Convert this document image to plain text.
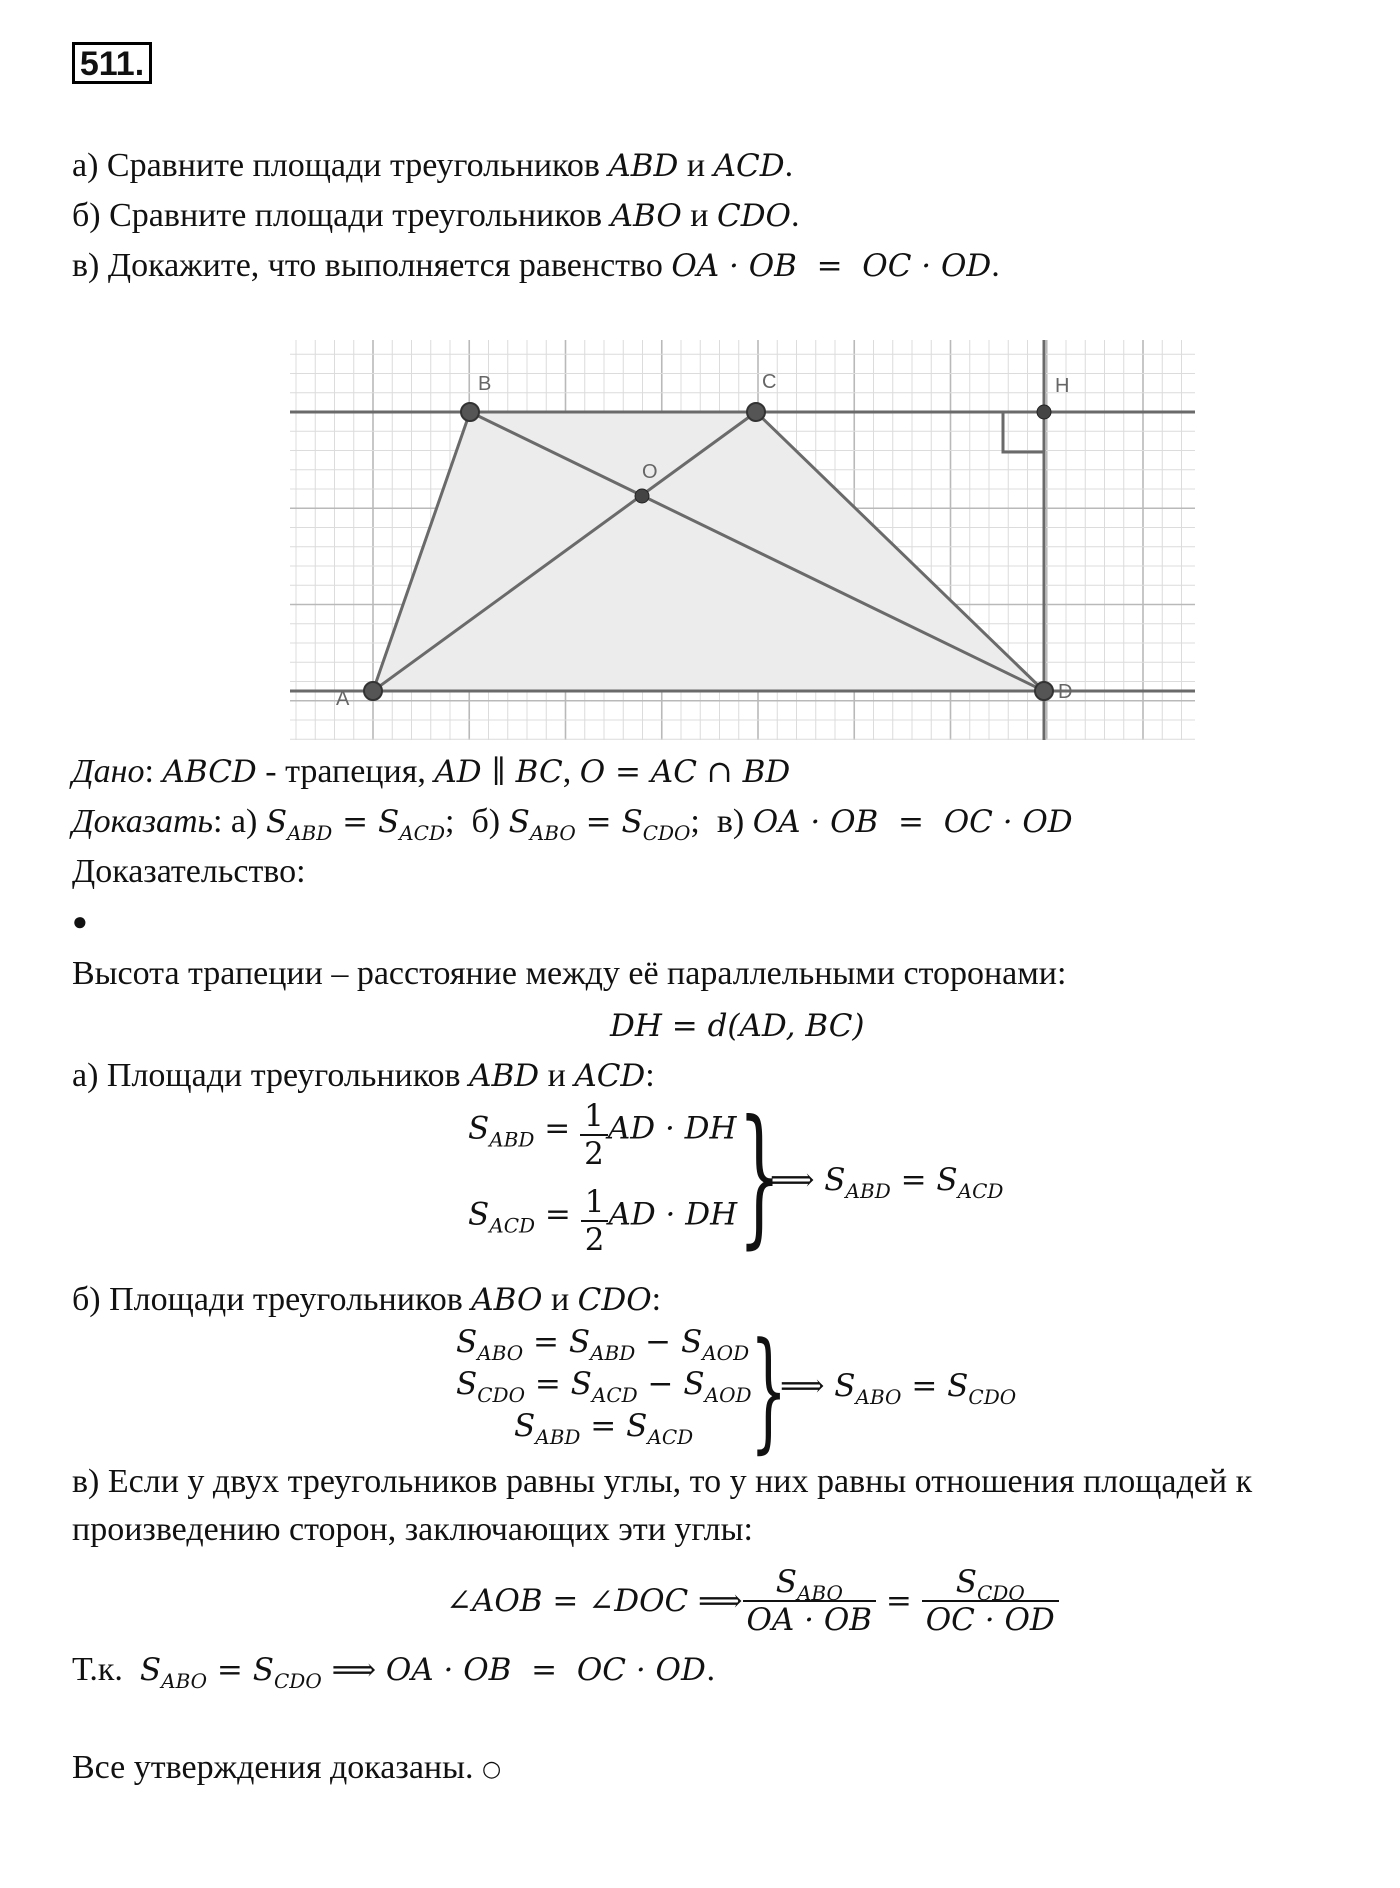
511.
а) Сравните площади треугольников ABD и ACD.
б) Сравните площади треугольников ABO и CDO.
в) Докажите, что выполняется равенство OA · OB  =  OC · OD.
A
B	C	H
O
D
Дано: ABCD - трапеция, AD ∥ BC, O = AC ∩ BD
Доказать: а) $S_{ABD} = S_{ACD}$;  б) $S_{ABO} = S_{CDO}$;  в) OA · OB  =  OC · OD
Доказательство:
●
Высота трапеции – расстояние между её параллельными сторонами:
DH = d(AD, BC)
а) Площади треугольников ABD и ACD:
$S_{ABD} = \frac{1}{2}$ AD · DH
$S_{ACD} = \frac{1}{2}$ AD · DH }
⟹ $S_{ABD} = S_{ACD}$
б) Площади треугольников ABO и CDO:
$S_{ABO} = S_{ABD} - S_{AOD}$
$S_{CDO} = S_{ACD} - S_{AOD}$
$S_{ABD} = S_{ACD}$ }
⟹ $S_{ABO} = S_{CDO}$
в) Если у двух треугольников равны углы, то у них равны отношения площадей к
произведению сторон, заключающих эти углы:
∠AOB = ∠DOC ⟹ $\frac{S_{ABO}}{OA \cdot OB} = \frac{S_{CDO}}{OC \cdot OD}$
Т.к. $S_{ABO} = S_{CDO}$ ⟹ OA · OB  =  OC · OD.
Все утверждения доказаны. ○
